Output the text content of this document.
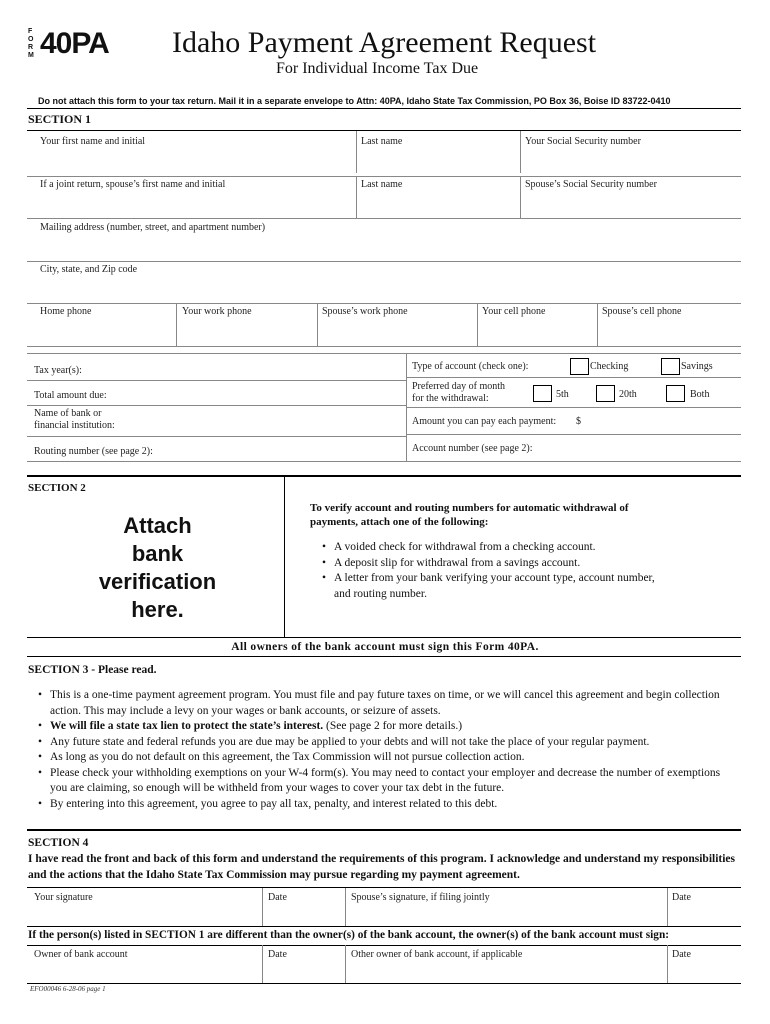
F
O
R
M 40PA Idaho Payment Agreement Request
For Individual Income Tax Due
Do not attach this form to your tax return. Mail it in a separate envelope to Attn: 40PA, Idaho State Tax Commission, PO Box 36, Boise ID 83722-0410
SECTION 1
Your first name and initial	Last name	Your Social Security number
If a joint return, spouse’s first name and initial	Last name	Spouse’s Social Security number
Mailing address (number, street, and apartment number)
City, state, and Zip code
Home phone	Your work phone	Spouse’s work phone	Your cell phone	Spouse’s cell phone
Tax year(s):
Total amount due:
Name of bank or
financial institution:
Routing number (see page 2):
Type of account (check one):	Checking	Savings
Preferred day of month
for the withdrawal:	5th	20th	Both
Amount you can pay each payment: $
Account number (see page 2):
SECTION 2
Attach
bank
verification
here.
To verify account and routing numbers for automatic withdrawal of
payments, attach one of the following:
• A voided check for withdrawal from a checking account.
• A deposit slip for withdrawal from a savings account.
• A letter from your bank verifying your account type, account number,
and routing number.
All owners of the bank account must sign this Form 40PA.
SECTION 3 - Please read.
• This is a one-time payment agreement program. You must file and pay future taxes on time, or we will cancel this agreement and begin collection action. This may include a levy on your wages or bank accounts, or seizure of assets.
• We will file a state tax lien to protect the state’s interest. (See page 2 for more details.)
• Any future state and federal refunds you are due may be applied to your debts and will not take the place of your regular payment.
• As long as you do not default on this agreement, the Tax Commission will not pursue collection action.
• Please check your withholding exemptions on your W-4 form(s). You may need to contact your employer and decrease the number of exemptions you are claiming, so enough will be withheld from your wages to cover your tax debt in the future.
• By entering into this agreement, you agree to pay all tax, penalty, and interest related to this debt.
SECTION 4
I have read the front and back of this form and understand the requirements of this program. I acknowledge and understand my responsibilities and the actions that the Idaho State Tax Commission may pursue regarding my payment agreement.
Your signature	Date	Spouse’s signature, if filing jointly	Date
If the person(s) listed in SECTION 1 are different than the owner(s) of the bank account, the owner(s) of the bank account must sign:
Owner of bank account	Date	Other owner of bank account, if applicable	Date
EFO00046 6-28-06 page 1
